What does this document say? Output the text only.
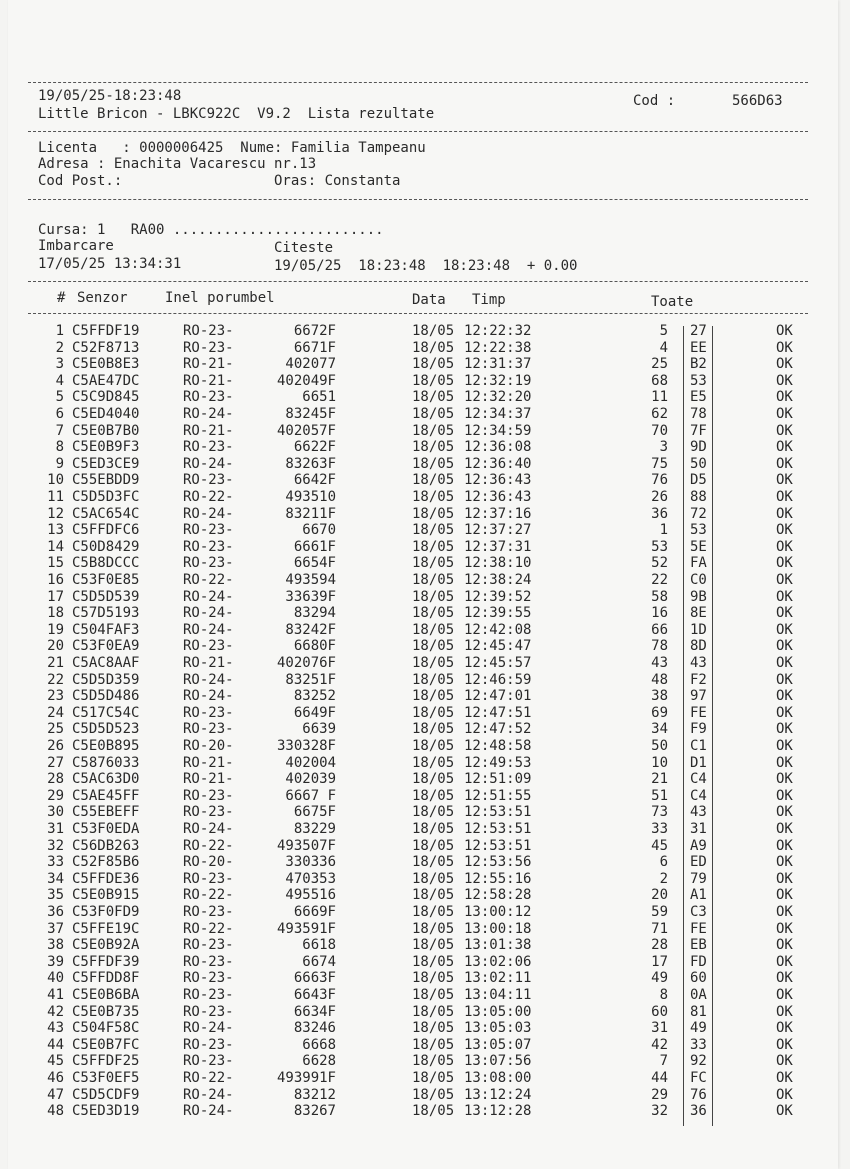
19/05/25-18:23:48
Little Bricon - LBKC922C  V9.2  Lista rezultate
Cod :	566D63
Licenta   : 0000006425  Nume: Familia Tampeanu
Adresa : Enachita Vacarescu nr.13
Cod Post.:	Oras: Constanta
Cursa: 1   RA00 .........................
Imbarcare	Citeste
17/05/25 13:34:31	19/05/25  18:23:48  18:23:48  + 0.00
# Senzor	Inel porumbel	Data Timp	Toate
1 C5FFDF19	RO-23-	6672F	18/05 12:22:32	5 27	OK
2 C52F8713	RO-23-	6671F	18/05 12:22:38	4 EE	OK
3 C5E0B8E3	RO-21-	402077	18/05 12:31:37	25 B2	OK
4 C5AE47DC	RO-21-	402049F	18/05 12:32:19	68 53	OK
5 C5C9D845	RO-23-	6651	18/05 12:32:20	11 E5	OK
6 C5ED4040	RO-24-	83245F	18/05 12:34:37	62 78	OK
7 C5E0B7B0	RO-21-	402057F	18/05 12:34:59	70 7F	OK
8 C5E0B9F3	RO-23-	6622F	18/05 12:36:08	3 9D	OK
9 C5ED3CE9	RO-24-	83263F	18/05 12:36:40	75 50	OK
10 C55EBDD9	RO-23-	6642F	18/05 12:36:43	76 D5	OK
11 C5D5D3FC	RO-22-	493510	18/05 12:36:43	26 88	OK
12 C5AC654C	RO-24-	83211F	18/05 12:37:16	36 72	OK
13 C5FFDFC6	RO-23-	6670	18/05 12:37:27	1 53	OK
14 C50D8429	RO-23-	6661F	18/05 12:37:31	53 5E	OK
15 C5B8DCCC	RO-23-	6654F	18/05 12:38:10	52 FA	OK
16 C53F0E85	RO-22-	493594	18/05 12:38:24	22 C0	OK
17 C5D5D539	RO-24-	33639F	18/05 12:39:52	58 9B	OK
18 C57D5193	RO-24-	83294	18/05 12:39:55	16 8E	OK
19 C504FAF3	RO-24-	83242F	18/05 12:42:08	66 1D	OK
20 C53F0EA9	RO-23-	6680F	18/05 12:45:47	78 8D	OK
21 C5AC8AAF	RO-21-	402076F	18/05 12:45:57	43 43	OK
22 C5D5D359	RO-24-	83251F	18/05 12:46:59	48 F2	OK
23 C5D5D486	RO-24-	83252	18/05 12:47:01	38 97	OK
24 C517C54C	RO-23-	6649F	18/05 12:47:51	69 FE	OK
25 C5D5D523	RO-23-	6639	18/05 12:47:52	34 F9	OK
26 C5E0B895	RO-20-	330328F	18/05 12:48:58	50 C1	OK
27 C5876033	RO-21-	402004	18/05 12:49:53	10 D1	OK
28 C5AC63D0	RO-21-	402039	18/05 12:51:09	21 C4	OK
29 C5AE45FF	RO-23-	6667 F	18/05 12:51:55	51 C4	OK
30 C55EBEFF	RO-23-	6675F	18/05 12:53:51	73 43	OK
31 C53F0EDA	RO-24-	83229	18/05 12:53:51	33 31	OK
32 C56DB263	RO-22-	493507F	18/05 12:53:51	45 A9	OK
33 C52F85B6	RO-20-	330336	18/05 12:53:56	6 ED	OK
34 C5FFDE36	RO-23-	470353	18/05 12:55:16	2 79	OK
35 C5E0B915	RO-22-	495516	18/05 12:58:28	20 A1	OK
36 C53F0FD9	RO-23-	6669F	18/05 13:00:12	59 C3	OK
37 C5FFE19C	RO-22-	493591F	18/05 13:00:18	71 FE	OK
38 C5E0B92A	RO-23-	6618	18/05 13:01:38	28 EB	OK
39 C5FFDF39	RO-23-	6674	18/05 13:02:06	17 FD	OK
40 C5FFDD8F	RO-23-	6663F	18/05 13:02:11	49 60	OK
41 C5E0B6BA	RO-23-	6643F	18/05 13:04:11	8 0A	OK
42 C5E0B735	RO-23-	6634F	18/05 13:05:00	60 81	OK
43 C504F58C	RO-24-	83246	18/05 13:05:03	31 49	OK
44 C5E0B7FC	RO-23-	6668	18/05 13:05:07	42 33	OK
45 C5FFDF25	RO-23-	6628	18/05 13:07:56	7 92	OK
46 C53F0EF5	RO-22-	493991F	18/05 13:08:00	44 FC	OK
47 C5D5CDF9	RO-24-	83212	18/05 13:12:24	29 76	OK
48 C5ED3D19	RO-24-	83267	18/05 13:12:28	32 36	OK
